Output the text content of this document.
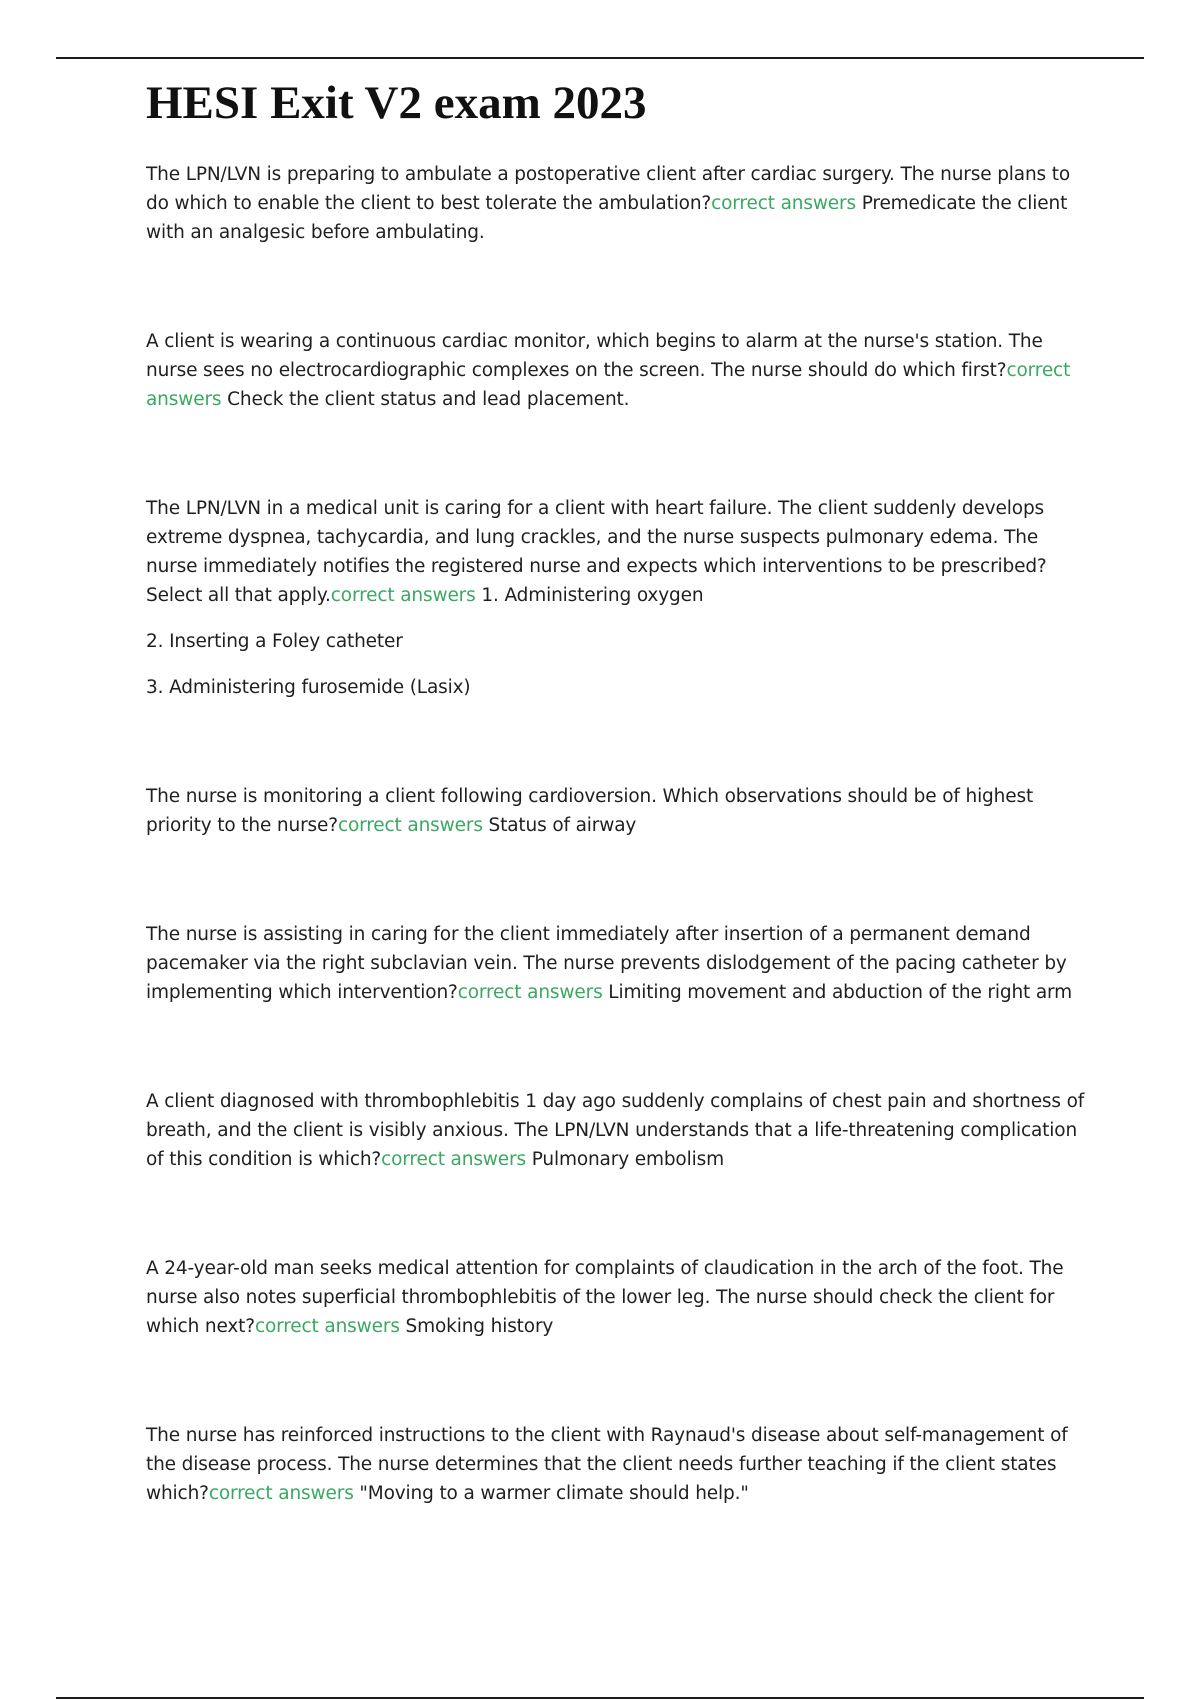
HESI Exit V2 exam 2023

The LPN/LVN is preparing to ambulate a postoperative client after cardiac surgery. The nurse plans to do which to enable the client to best tolerate the ambulation?correct answers Premedicate the client with an analgesic before ambulating.

A client is wearing a continuous cardiac monitor, which begins to alarm at the nurse's station. The nurse sees no electrocardiographic complexes on the screen. The nurse should do which first?correct answers Check the client status and lead placement.

The LPN/LVN in a medical unit is caring for a client with heart failure. The client suddenly develops extreme dyspnea, tachycardia, and lung crackles, and the nurse suspects pulmonary edema. The nurse immediately notifies the registered nurse and expects which interventions to be prescribed? Select all that apply.correct answers 1. Administering oxygen

2. Inserting a Foley catheter

3. Administering furosemide (Lasix)

The nurse is monitoring a client following cardioversion. Which observations should be of highest priority to the nurse?correct answers Status of airway

The nurse is assisting in caring for the client immediately after insertion of a permanent demand pacemaker via the right subclavian vein. The nurse prevents dislodgement of the pacing catheter by implementing which intervention?correct answers Limiting movement and abduction of the right arm

A client diagnosed with thrombophlebitis 1 day ago suddenly complains of chest pain and shortness of breath, and the client is visibly anxious. The LPN/LVN understands that a life-threatening complication of this condition is which?correct answers Pulmonary embolism

A 24-year-old man seeks medical attention for complaints of claudication in the arch of the foot. The nurse also notes superficial thrombophlebitis of the lower leg. The nurse should check the client for which next?correct answers Smoking history

The nurse has reinforced instructions to the client with Raynaud's disease about self-management of the disease process. The nurse determines that the client needs further teaching if the client states which?correct answers "Moving to a warmer climate should help."
